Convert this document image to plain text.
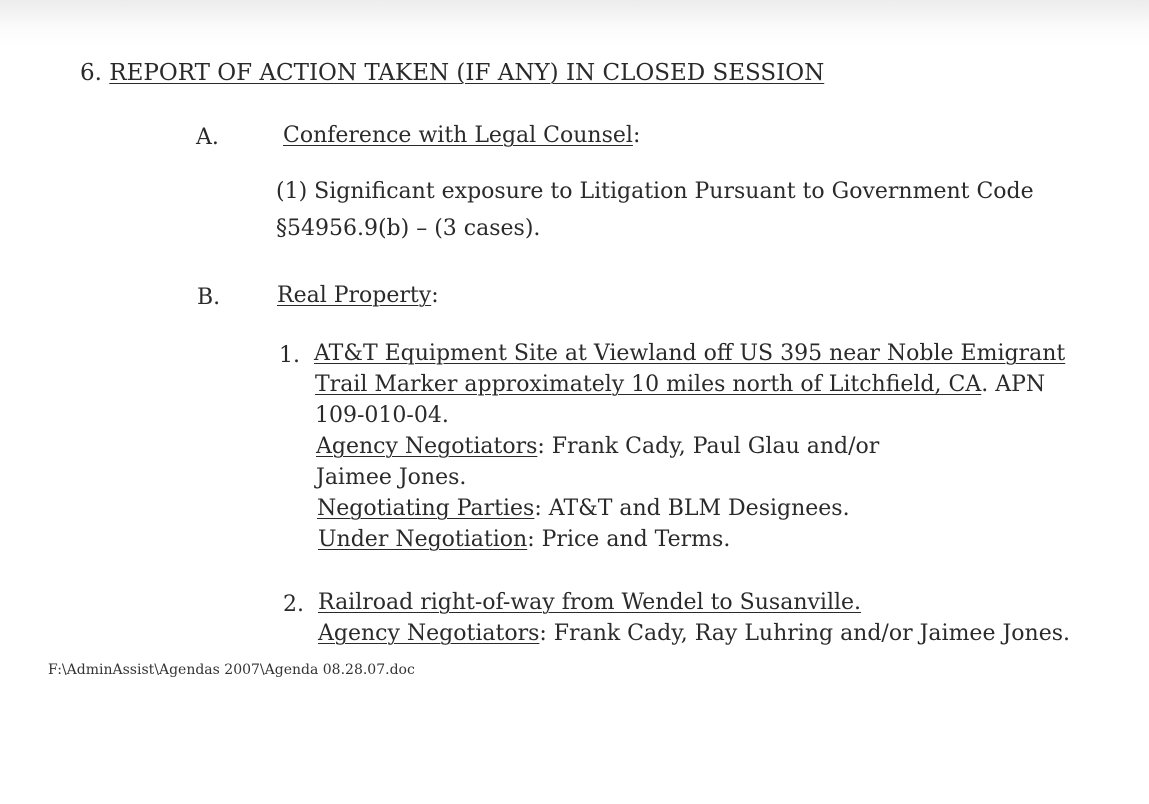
6. REPORT OF ACTION TAKEN (IF ANY) IN CLOSED SESSION
A.	Conference with Legal Counsel:
(1) Significant exposure to Litigation Pursuant to Government Code
§54956.9(b) – (3 cases).
B.	Real Property:
1. AT&T Equipment Site at Viewland off US 395 near Noble Emigrant
Trail Marker approximately 10 miles north of Litchfield, CA. APN
109-010-04.
Agency Negotiators: Frank Cady, Paul Glau and/or
Jaimee Jones.
Negotiating Parties: AT&T and BLM Designees.
Under Negotiation: Price and Terms.
2. Railroad right-of-way from Wendel to Susanville.
Agency Negotiators: Frank Cady, Ray Luhring and/or Jaimee Jones.
F:\AdminAssist\Agendas 2007\Agenda 08.28.07.doc
